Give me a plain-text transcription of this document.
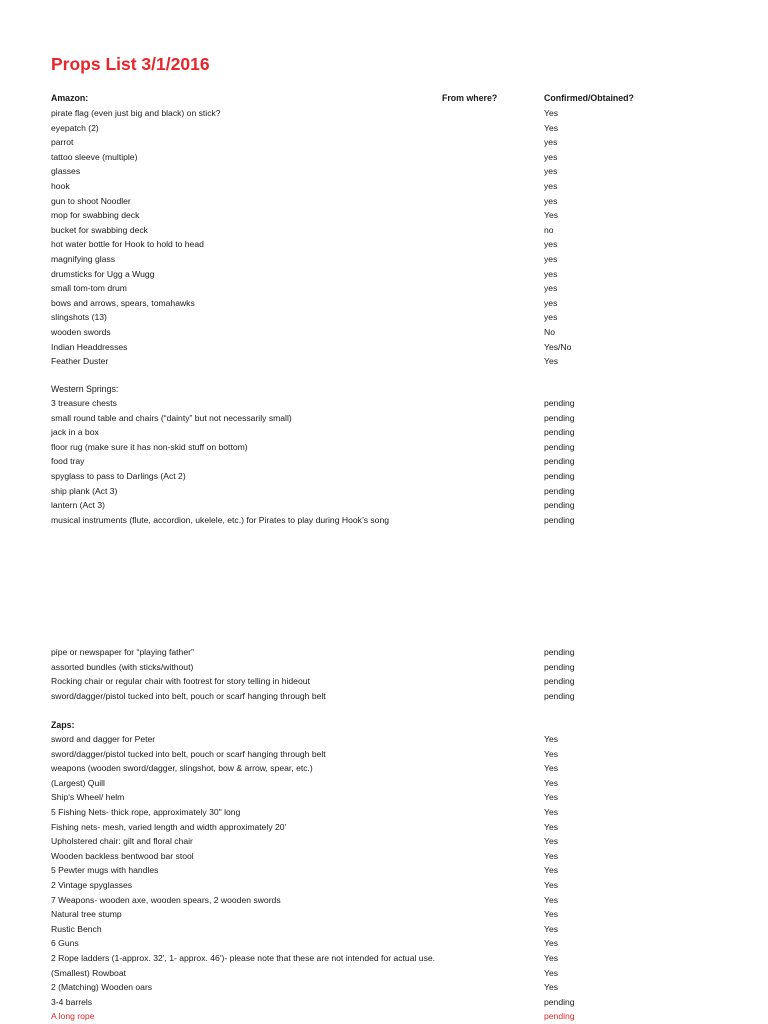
Props List 3/1/2016
Amazon:	From where?	Confirmed/Obtained?
pirate flag (even just big and black) on stick?	Yes
eyepatch (2)	Yes
parrot	yes
tattoo sleeve (multiple)	yes
glasses	yes
hook	yes
gun to shoot Noodler	yes
mop for swabbing deck	Yes
bucket for swabbing deck	no
hot water bottle for Hook to hold to head	yes
magnifying glass	yes
drumsticks for Ugg a Wugg	yes
small tom-tom drum	yes
bows and arrows, spears, tomahawks	yes
slingshots (13)	yes
wooden swords	No
Indian Headdresses	Yes/No
Feather Duster	Yes
Western Springs:
3 treasure chests	pending
small round table and chairs (“dainty” but not necessarily small)	pending
jack in a box	pending
floor rug (make sure it has non-skid stuff on bottom)	pending
food tray	pending
spyglass to pass to Darlings (Act 2)	pending
ship plank (Act 3)	pending
lantern (Act 3)	pending
musical instruments (flute, accordion, ukelele, etc.) for Pirates to play during Hook’s song	pending
pipe or newspaper for “playing father”	pending
assorted bundles (with sticks/without)	pending
Rocking chair or regular chair with footrest for story telling in hideout	pending
sword/dagger/pistol tucked into belt, pouch or scarf hanging through belt	pending
Zaps:
sword and dagger for Peter	Yes
sword/dagger/pistol tucked into belt, pouch or scarf hanging through belt	Yes
weapons (wooden sword/dagger, slingshot, bow & arrow, spear, etc.)	Yes
(Largest) Quill	Yes
Ship's Wheel/ helm	Yes
5 Fishing Nets- thick rope, approximately 30" long	Yes
Fishing nets- mesh, varied length and width approximately 20'	Yes
Upholstered chair: gilt and floral chair	Yes
Wooden backless bentwood bar stool	Yes
5 Pewter mugs with handles	Yes
2 Vintage spyglasses	Yes
7 Weapons- wooden axe, wooden spears, 2 wooden swords	Yes
Natural tree stump	Yes
Rustic Bench	Yes
6 Guns	Yes
2 Rope ladders (1-approx. 32', 1- approx. 46')- please note that these are not intended for actual use.	Yes
(Smallest) Rowboat	Yes
2 (Matching) Wooden oars	Yes
3-4 barrels	pending
A long rope	pending
